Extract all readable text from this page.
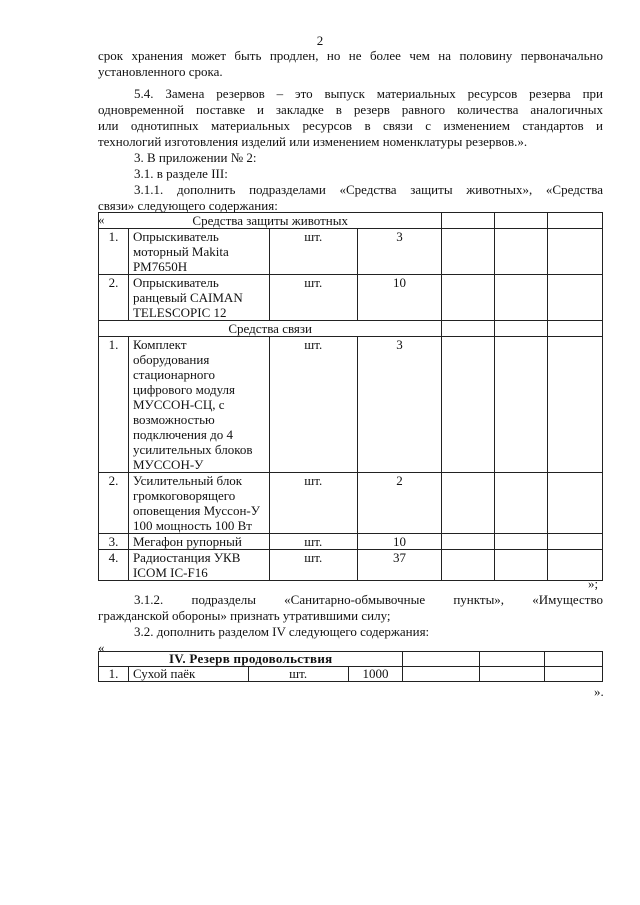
2
срок хранения может быть продлен, но не более чем на половину первоначально
установленного срока.
5.4. Замена резервов – это выпуск материальных ресурсов резерва при
одновременной поставке и закладке в резерв равного количества аналогичных
или однотипных материальных ресурсов в связи с изменением стандартов и
технологий изготовления изделий или изменением номенклатуры резервов.».
3. В приложении № 2:
3.1. в разделе III:
3.1.1. дополнить подразделами «Средства защиты животных», «Средства
связи» следующего содержания:
«	Средства защиты животных						
1.	Опрыскиватель моторный Makita PM7650H	шт.	3			
2.	Опрыскиватель ранцевый CAIMAN TELESCOPIC 12	шт.	10			
Средства связи						
1.	Комплект оборудования стационарного цифрового модуля МУССОН-СЦ, с возможностью подключения до 4 усилительных блоков МУССОН-У	шт.	3			
2.	Усилительный блок громкоговорящего оповещения Муссон-У 100 мощность 100 Вт	шт.	2			
3.	Мегафон рупорный	шт.	10			
4.	Радиостанция УКВ ICOM IC-F16	шт.	37			
»;
3.1.2. подразделы «Санитарно-обмывочные пункты», «Имущество
гражданской обороны» признать утратившими силу;
3.2. дополнить разделом IV следующего содержания:
«
IV. Резерв продовольствия						
1.	Сухой паёк	шт.	1000			
».
